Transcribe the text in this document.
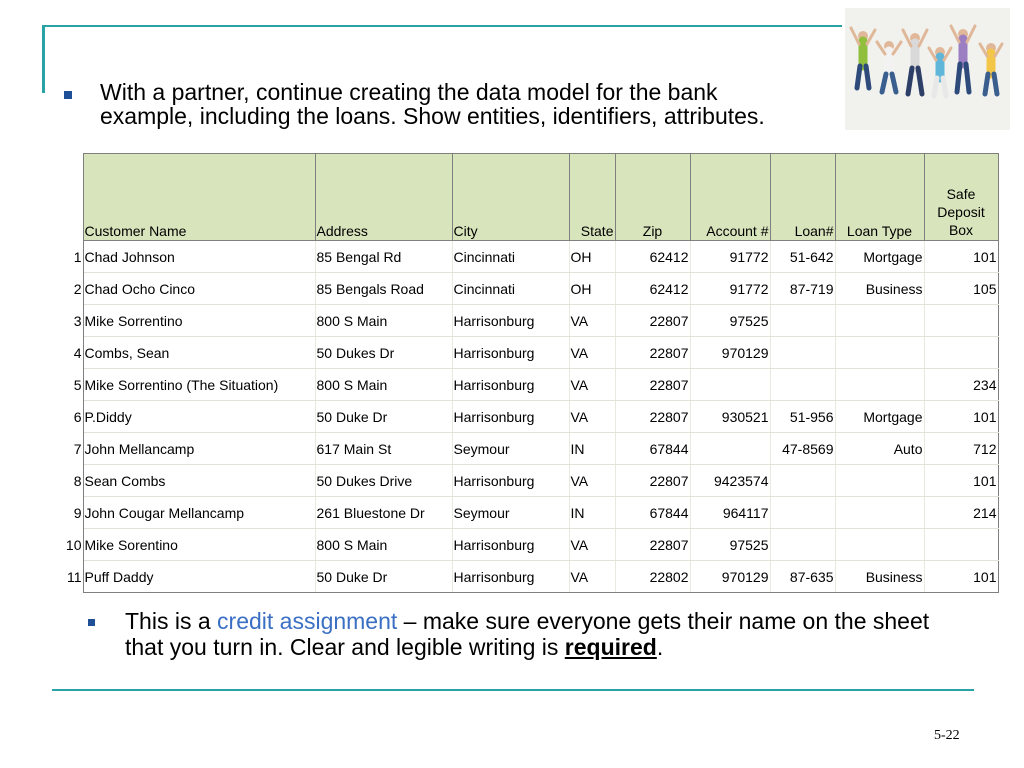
With a partner, continue creating the data model for the bank example, including the loans. Show entities, identifiers, attributes.
	Customer Name	Address	City	State	Zip	Account #	Loan#	Loan Type	Safe Deposit Box
1	Chad Johnson	85 Bengal Rd	Cincinnati	OH	62412	91772	51-642	Mortgage	101
2	Chad Ocho Cinco	85 Bengals Road	Cincinnati	OH	62412	91772	87-719	Business	105
3	Mike Sorrentino	800 S Main	Harrisonburg	VA	22807	97525			
4	Combs, Sean	50 Dukes Dr	Harrisonburg	VA	22807	970129			
5	Mike Sorrentino (The Situation)	800 S Main	Harrisonburg	VA	22807				234
6	P.Diddy	50 Duke Dr	Harrisonburg	VA	22807	930521	51-956	Mortgage	101
7	John Mellancamp	617 Main St	Seymour	IN	67844		47-8569	Auto	712
8	Sean Combs	50 Dukes Drive	Harrisonburg	VA	22807	9423574			101
9	John Cougar Mellancamp	261 Bluestone Dr	Seymour	IN	67844	964117			214
10	Mike Sorentino	800 S Main	Harrisonburg	VA	22807	97525			
11	Puff Daddy	50 Duke Dr	Harrisonburg	VA	22802	970129	87-635	Business	101
This is a credit assignment – make sure everyone gets their name on the sheet that you turn in. Clear and legible writing is required.
5-22
